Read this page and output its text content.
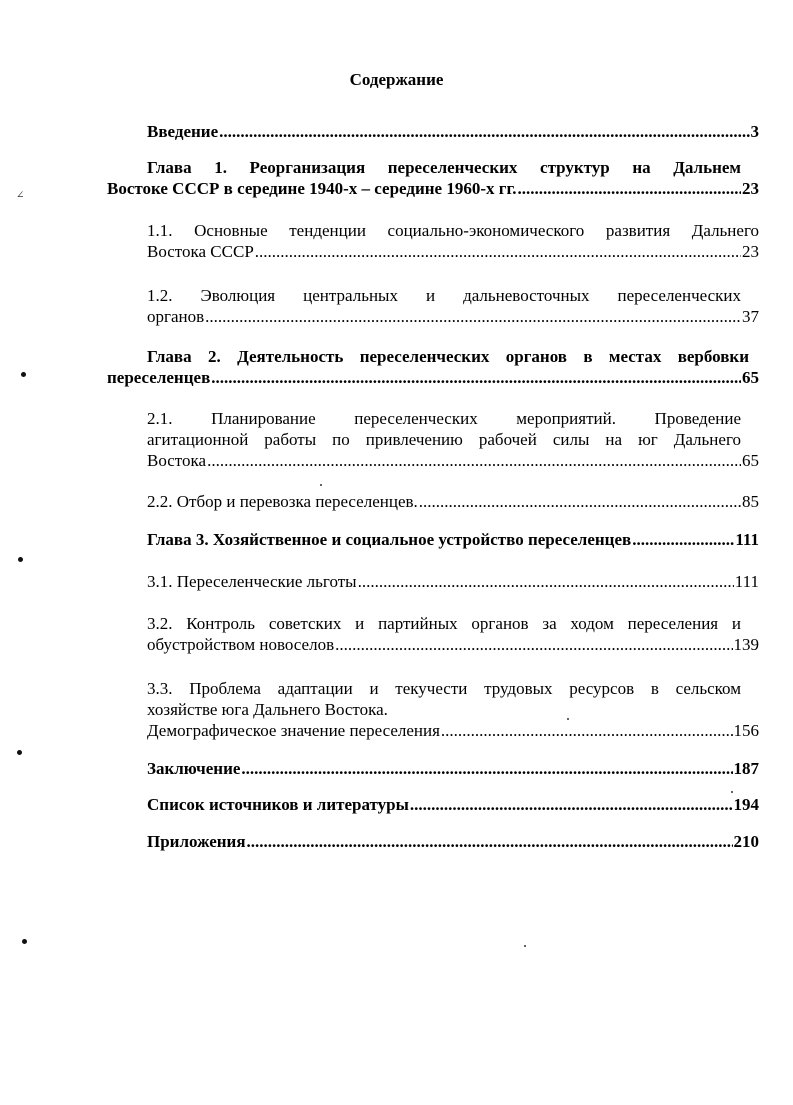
Содержание
Введение .....	3
Глава 1. Реорганизация переселенческих структур на Дальнем
Востоке СССР в середине 1940-х – середине 1960-х гг. .....	23
1.1. Основные тенденции социально-экономического развития Дальнего
Востока СССР .....	23
1.2. Эволюция центральных и дальневосточных переселенческих
органов .....	37
Глава 2. Деятельность переселенческих органов в местах вербовки
переселенцев .....	65
2.1. Планирование переселенческих мероприятий. Проведение
агитационной работы по привлечению рабочей силы на юг Дальнего
Востока .....	65
2.2. Отбор и перевозка переселенцев. .....	85
Глава 3. Хозяйственное и социальное устройство переселенцев .....	111
3.1. Переселенческие льготы .....	111
3.2. Контроль советских и партийных органов за ходом переселения и
обустройством новоселов .....	139
3.3. Проблема адаптации и текучести трудовых ресурсов в сельском
хозяйстве юга Дальнего Востока.
Демографическое значение переселения .....	156
Заключение .....	187
Список источников и литературы .....	194
Приложения .....	210
∠
